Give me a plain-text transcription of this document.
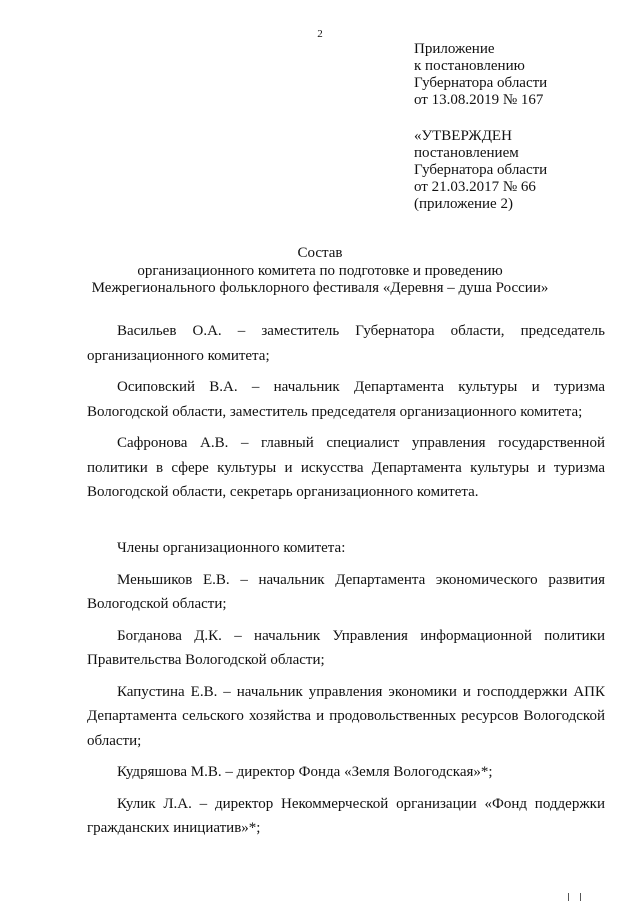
2
Приложение
к постановлению
Губернатора области
от 13.08.2019 № 167
«УТВЕРЖДЕН
постановлением
Губернатора области
от 21.03.2017 № 66
(приложение 2)
Состав
организационного комитета по подготовке и проведению
Межрегионального фольклорного фестиваля «Деревня – душа России»

Васильев О.А. – заместитель Губернатора области, председатель организационного комитета;

Осиповский В.А. – начальник Департамента культуры и туризма Вологодской области, заместитель председателя организационного комитета;

Сафронова А.В. – главный специалист управления государственной политики в сфере культуры и искусства Департамента культуры и туризма Вологодской области, секретарь организационного комитета.

Члены организационного комитета:

Меньшиков Е.В. – начальник Департамента экономического развития Вологодской области;

Богданова Д.К. – начальник Управления информационной политики Правительства Вологодской области;

Капустина Е.В. – начальник управления экономики и господдержки АПК Департамента сельского хозяйства и продовольственных ресурсов Вологодской области;

Кудряшова М.В. – директор Фонда «Земля Вологодская»*;

Кулик Л.А. – директор Некоммерческой организации «Фонд поддержки гражданских инициатив»*;
